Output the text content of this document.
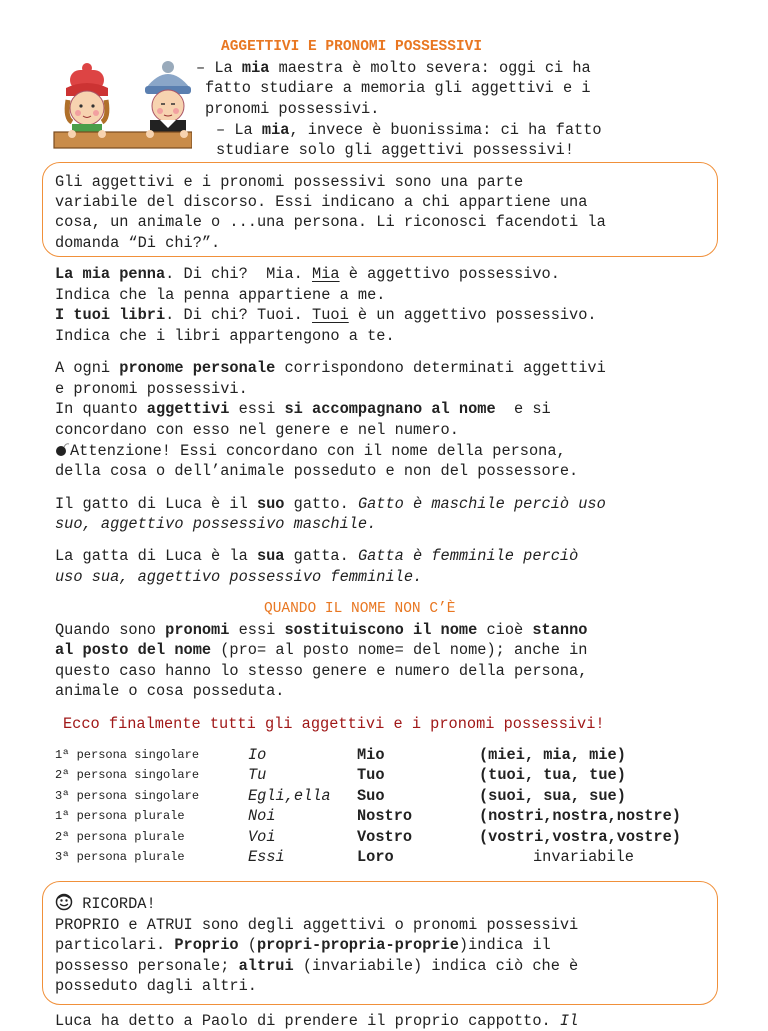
AGGETTIVI E PRONOMI POSSESSIVI
– La mia maestra è molto severa: oggi ci ha
fatto studiare a memoria gli aggettivi e i
pronomi possessivi.
– La mia, invece è buonissima: ci ha fatto
studiare solo gli aggettivi possessivi!
Gli aggettivi e i pronomi possessivi sono una parte
variabile del discorso. Essi indicano a chi appartiene una
cosa, un animale o ...una persona. Li riconosci facendoti la
domanda “Di chi?”.
La mia penna. Di chi?  Mia. Mia è aggettivo possessivo.
Indica che la penna appartiene a me.
I tuoi libri. Di chi? Tuoi. Tuoi è un aggettivo possessivo.
Indica che i libri appartengono a te.
A ogni pronome personale corrispondono determinati aggettivi
e pronomi possessivi.
In quanto aggettivi essi si accompagnano al nome  e si
concordano con esso nel genere e nel numero.
Attenzione! Essi concordano con il nome della persona,
della cosa o dell’animale posseduto e non del possessore.
Il gatto di Luca è il suo gatto. Gatto è maschile perciò uso
suo, aggettivo possessivo maschile.
La gatta di Luca è la sua gatta. Gatta è femminile perciò
uso sua, aggettivo possessivo femminile.
QUANDO IL NOME NON C’È
Quando sono pronomi essi sostituiscono il nome cioè stanno
al posto del nome (pro= al posto nome= del nome); anche in
questo caso hanno lo stesso genere e numero della persona,
animale o cosa posseduta.
Ecco finalmente tutti gli aggettivi e i pronomi possessivi!
1ª persona singolare	Io	Mio	(miei, mia, mie)
2ª persona singolare	Tu	Tuo	(tuoi, tua, tue)
3ª persona singolare	Egli,ella Suo	(suoi, sua, sue)
1ª persona plurale	Noi	Nostro	(nostri,nostra,nostre)
2ª persona plurale	Voi	Vostro	(vostri,vostra,vostre)
3ª persona plurale	Essi	Loro	invariabile
RICORDA!
PROPRIO e ATRUI sono degli aggettivi o pronomi possessivi
particolari. Proprio (propri-propria-proprie)indica il
possesso personale; altrui (invariabile) indica ciò che è
posseduto dagli altri.
Luca ha detto a Paolo di prendere il proprio cappotto. Il
